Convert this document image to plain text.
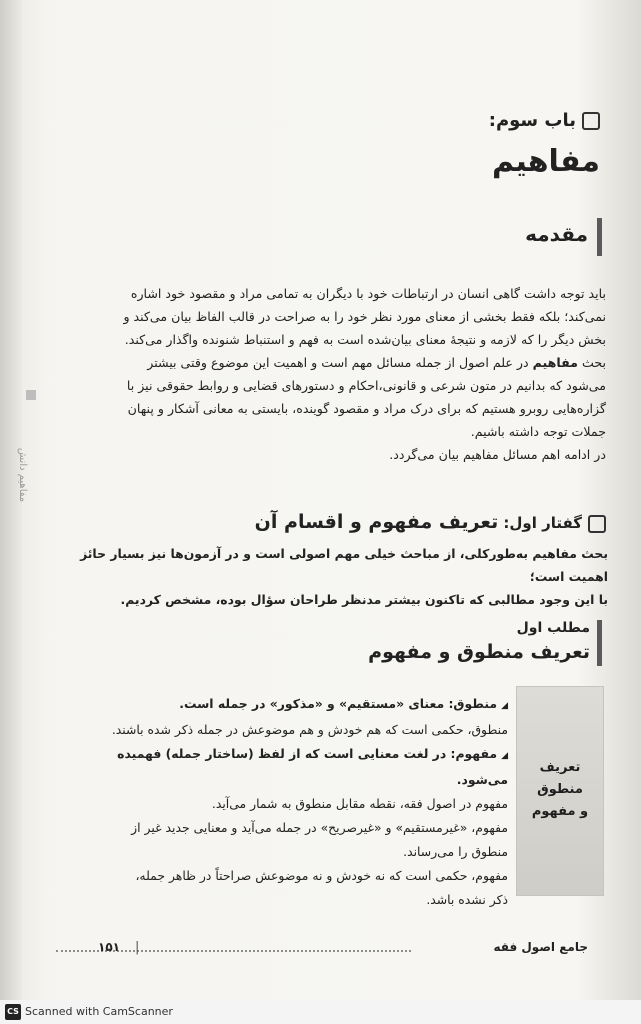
مفاهیم دانش
باب سوم:
مفاهیم
مقدمه

باید توجه داشت گاهی انسان در ارتباطات خود با دیگران به تمامی مراد و مقصود خود اشاره

نمی‌کند؛ بلکه فقط بخشی از معنای مورد نظر خود را به صراحت در قالب الفاظ بیان می‌کند و

بخش دیگر را که لازمه و نتیجهٔ معنای بیان‌شده است به فهم و استنباط شنونده واگذار می‌کند.

بحث مفاهیم در علم اصول از جمله مسائل مهم است و اهمیت این موضوع وقتی بیشتر

می‌شود که بدانیم در متون شرعی و قانونی،احکام و دستورهای قضایی و روابط حقوقی نیز با

گزاره‌هایی روبرو هستیم که برای درک مراد و مقصود گوینده، بایستی به معانی آشکار و پنهان

جملات توجه داشته باشیم.

در ادامه اهم مسائل مفاهیم بیان می‌گردد.

گفتار اول: تعریف مفهوم و اقسام آن

بحث مفاهیم به‌طورکلی، از مباحث خیلی مهم اصولی است و در آزمون‌ها نیز بسیار حائز اهمیت است؛

با این وجود مطالبی که تاکنون بیشتر مدنظر طراحان سؤال بوده، مشخص کردیم.

مطلب اول
تعریف منطوق و مفهوم
تعریف
منطوق
و مفهوم

◢منطوق: معنای «مستقیم» و «مذکور» در جمله است.

منطوق، حکمی است که هم خودش و هم موضوعش در جمله ذکر شده باشند.

◢مفهوم: در لغت معنایی است که از لفظ (ساختار جمله) فهمیده می‌شود.

مفهوم در اصول فقه، نقطه مقابل منطوق به شمار می‌آید.

مفهوم، «غیرمستقیم» و «غیرصریح» در جمله می‌آید و معنایی جدید غیر از

منطوق را می‌رساند.

مفهوم، حکمی است که نه خودش و نه موضوعش صراحتاً در ظاهر جمله،

ذکر نشده باشد.

جامع اصول فقه
|
۱۵۱
CS Scanned with CamScanner
